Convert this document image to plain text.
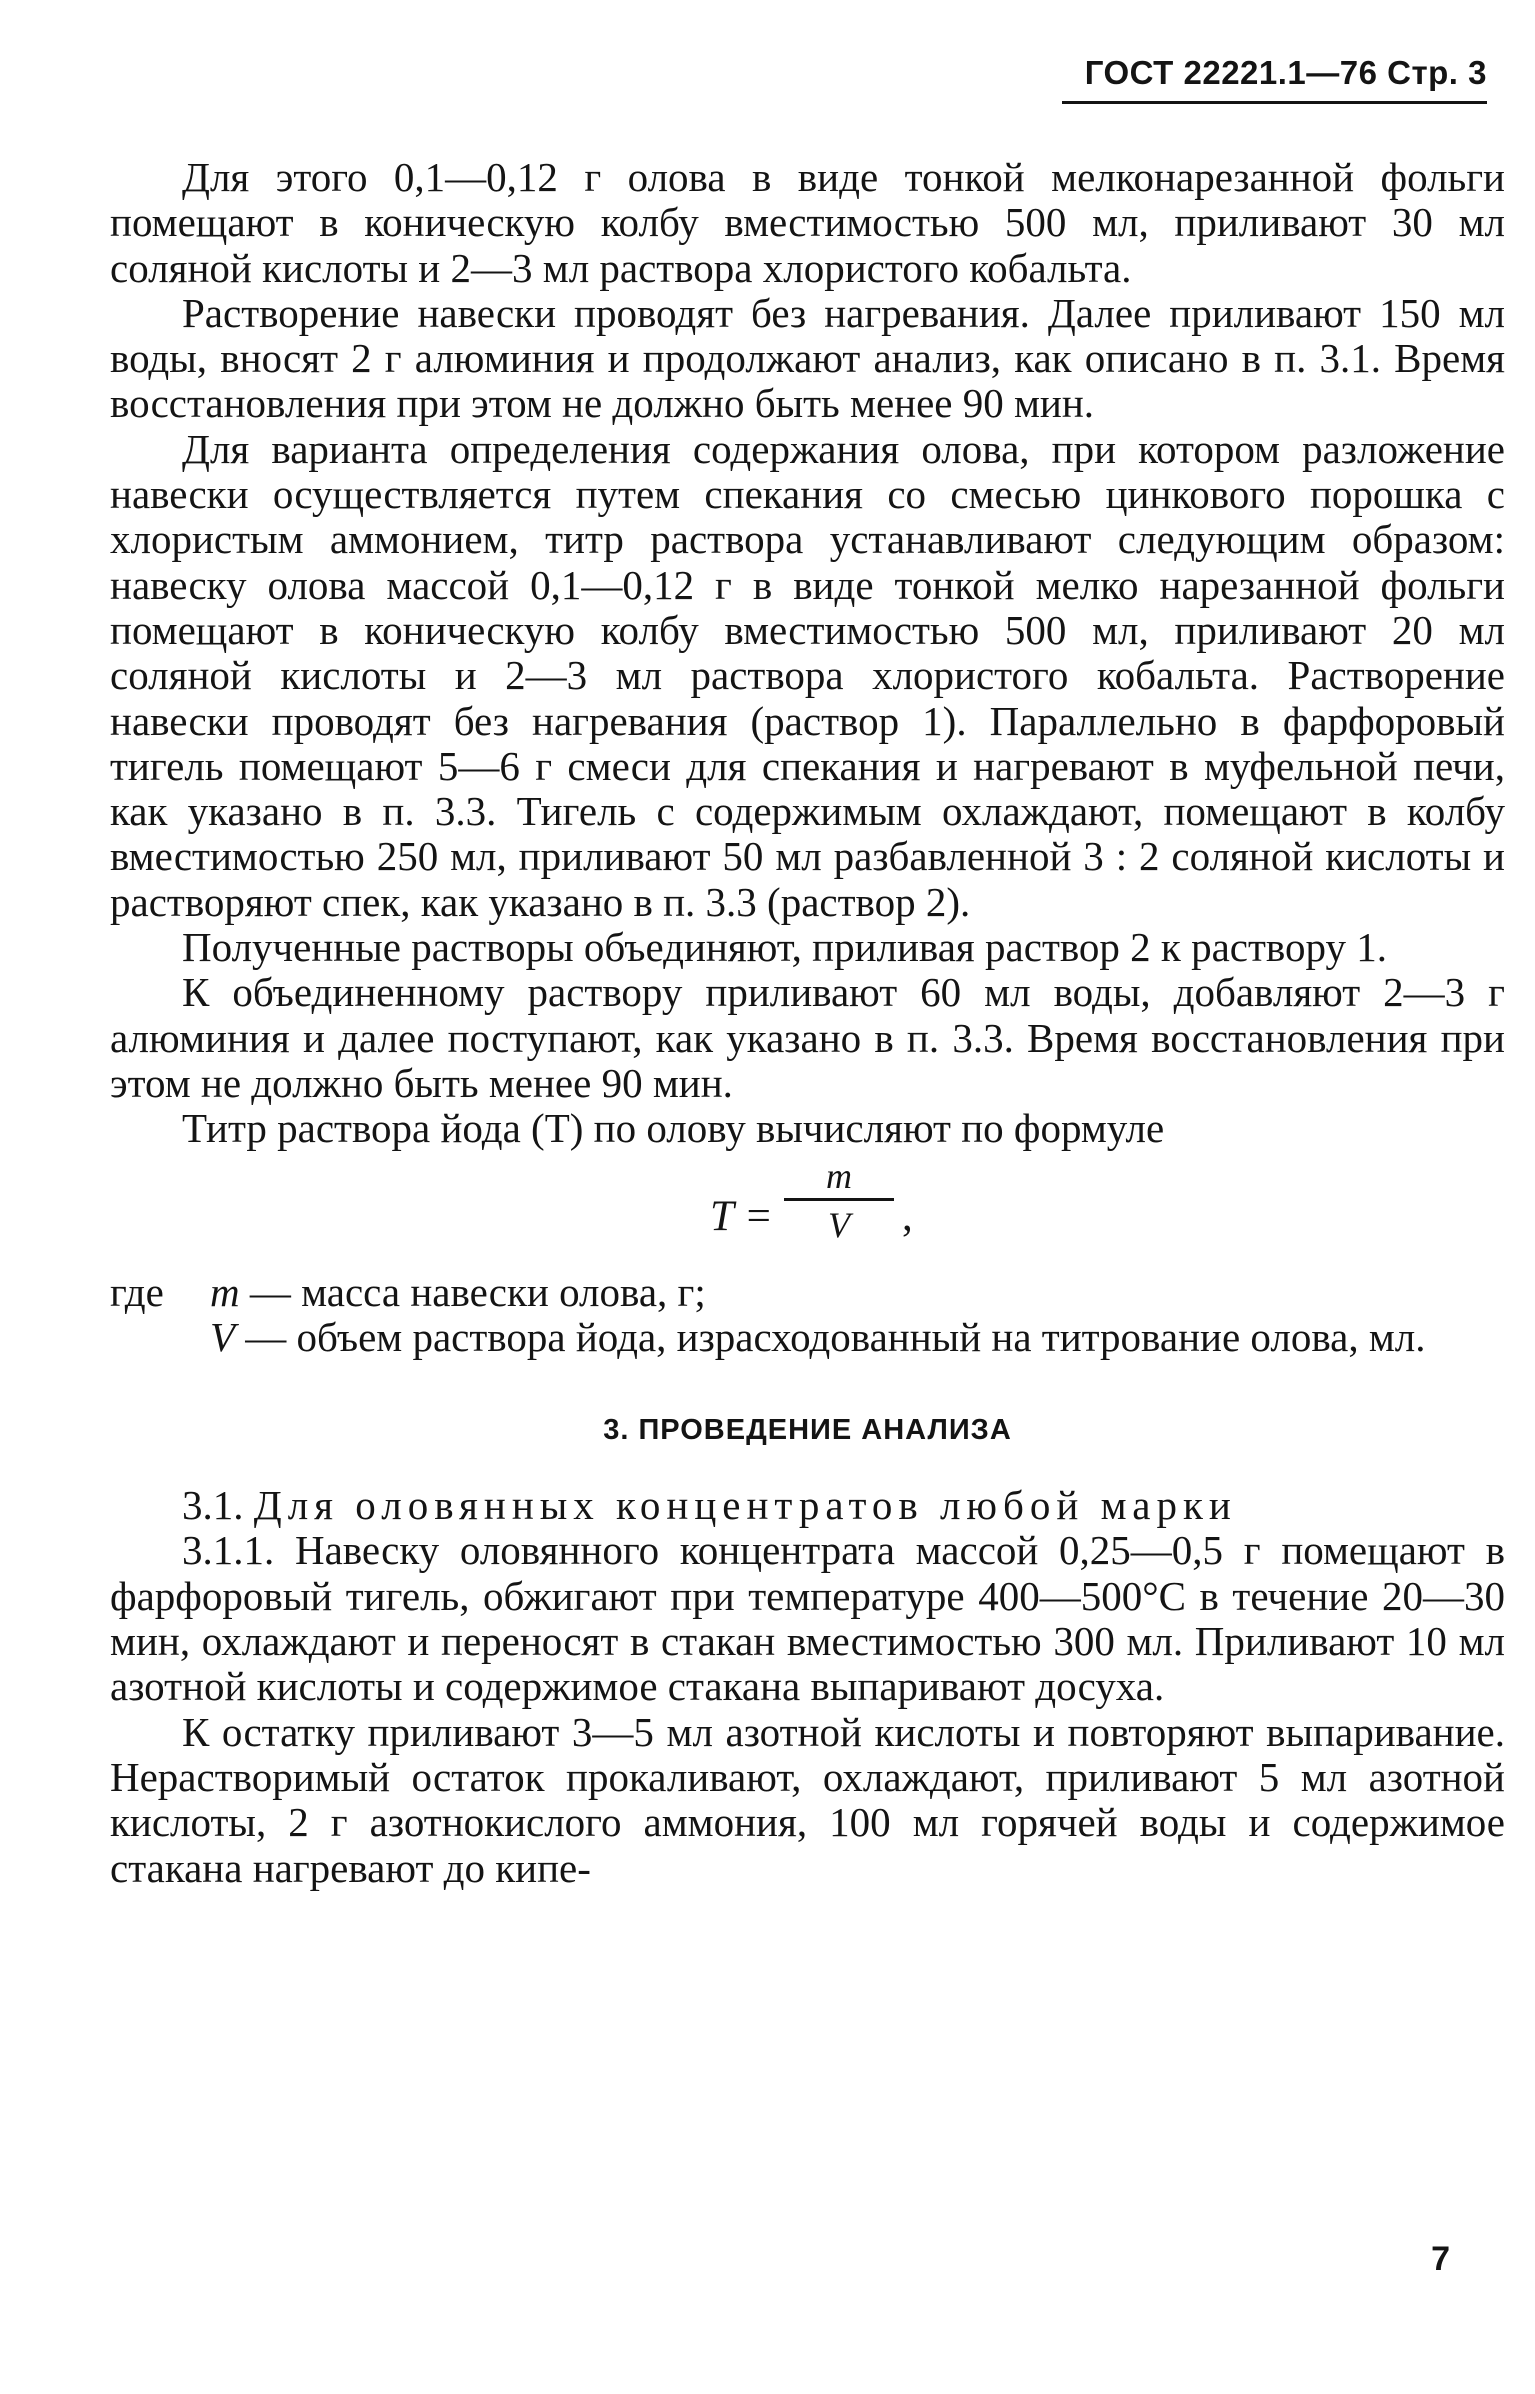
ГОСТ 22221.1—76 Стр. 3

Для этого 0,1—0,12 г олова в виде тонкой мелконарезанной фольги помещают в коническую колбу вместимостью 500 мл, приливают 30 мл соляной кислоты и 2—3 мл раствора хлористого кобальта.

Растворение навески проводят без нагревания. Далее приливают 150 мл воды, вносят 2 г алюминия и продолжают анализ, как описано в п. 3.1. Время восстановления при этом не должно быть менее 90 мин.

Для варианта определения содержания олова, при котором разложение навески осуществляется путем спекания со смесью цинкового порошка с хлористым аммонием, титр раствора устанавливают следующим образом: навеску олова массой 0,1—0,12 г в виде тонкой мелко нарезанной фольги помещают в коническую колбу вместимостью 500 мл, приливают 20 мл соляной кислоты и 2—3 мл раствора хлористого кобальта. Растворение навески проводят без нагревания (раствор 1). Параллельно в фарфоровый тигель помещают 5—6 г смеси для спекания и нагревают в муфельной печи, как указано в п. 3.3. Тигель с содержимым охлаждают, помещают в колбу вместимостью 250 мл, приливают 50 мл разбавленной 3 : 2 соляной кислоты и растворяют спек, как указано в п. 3.3 (раствор 2).

Полученные растворы объединяют, приливая раствор 2 к раствору 1.

К объединенному раствору приливают 60 мл воды, добавляют 2—3 г алюминия и далее поступают, как указано в п. 3.3. Время восстановления при этом не должно быть менее 90 мин.

Титр раствора йода (T) по олову вычисляют по формуле

T =
m
V	,
где	m — масса навески олова, г;
V — объем раствора йода, израсходованный на титрование олова, мл.
3. ПРОВЕДЕНИЕ АНАЛИЗА

3.1. Для оловянных концентратов любой марки

3.1.1. Навеску оловянного концентрата массой 0,25—0,5 г помещают в фарфоровый тигель, обжигают при температуре 400—500°С в течение 20—30 мин, охлаждают и переносят в стакан вместимостью 300 мл. Приливают 10 мл азотной кислоты и содержимое стакана выпаривают досуха.

К остатку приливают 3—5 мл азотной кислоты и повторяют выпаривание. Нерастворимый остаток прокаливают, охлаждают, приливают 5 мл азотной кислоты, 2 г азотнокислого аммония, 100 мл горячей воды и содержимое стакана нагревают до кипе-

7
